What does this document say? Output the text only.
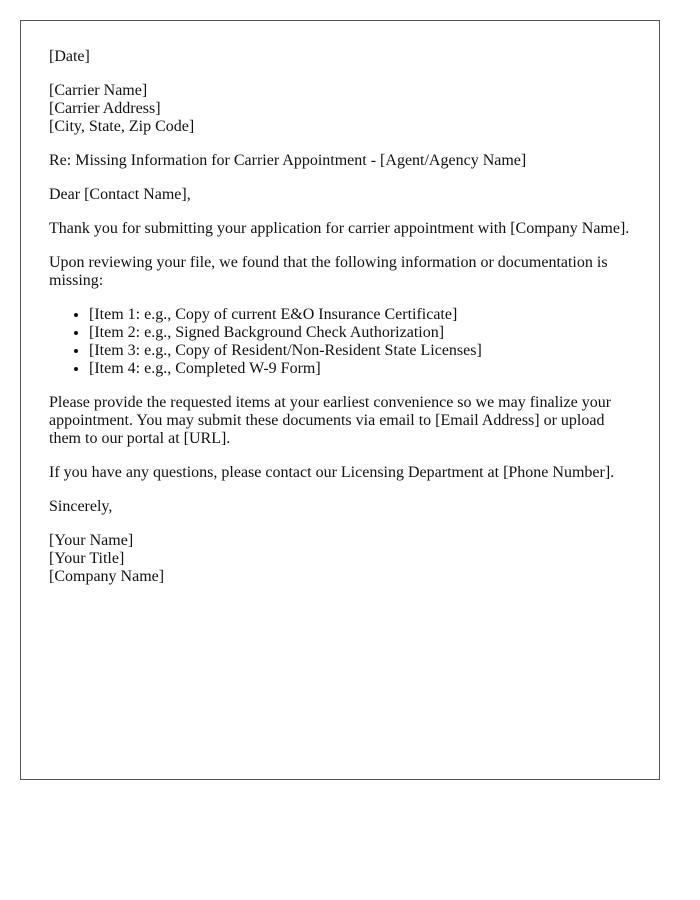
[Date]

[Carrier Name]
[Carrier Address]
[City, State, Zip Code]

Re: Missing Information for Carrier Appointment - [Agent/Agency Name]

Dear [Contact Name],

Thank you for submitting your application for carrier appointment with [Company Name].

Upon reviewing your file, we found that the following information or documentation is missing:

• [Item 1: e.g., Copy of current E&O Insurance Certificate]
• [Item 2: e.g., Signed Background Check Authorization]
• [Item 3: e.g., Copy of Resident/Non-Resident State Licenses]
• [Item 4: e.g., Completed W-9 Form]

Please provide the requested items at your earliest convenience so we may finalize your appointment. You may submit these documents via email to [Email Address] or upload them to our portal at [URL].

If you have any questions, please contact our Licensing Department at [Phone Number].

Sincerely,

[Your Name]
[Your Title]
[Company Name]
